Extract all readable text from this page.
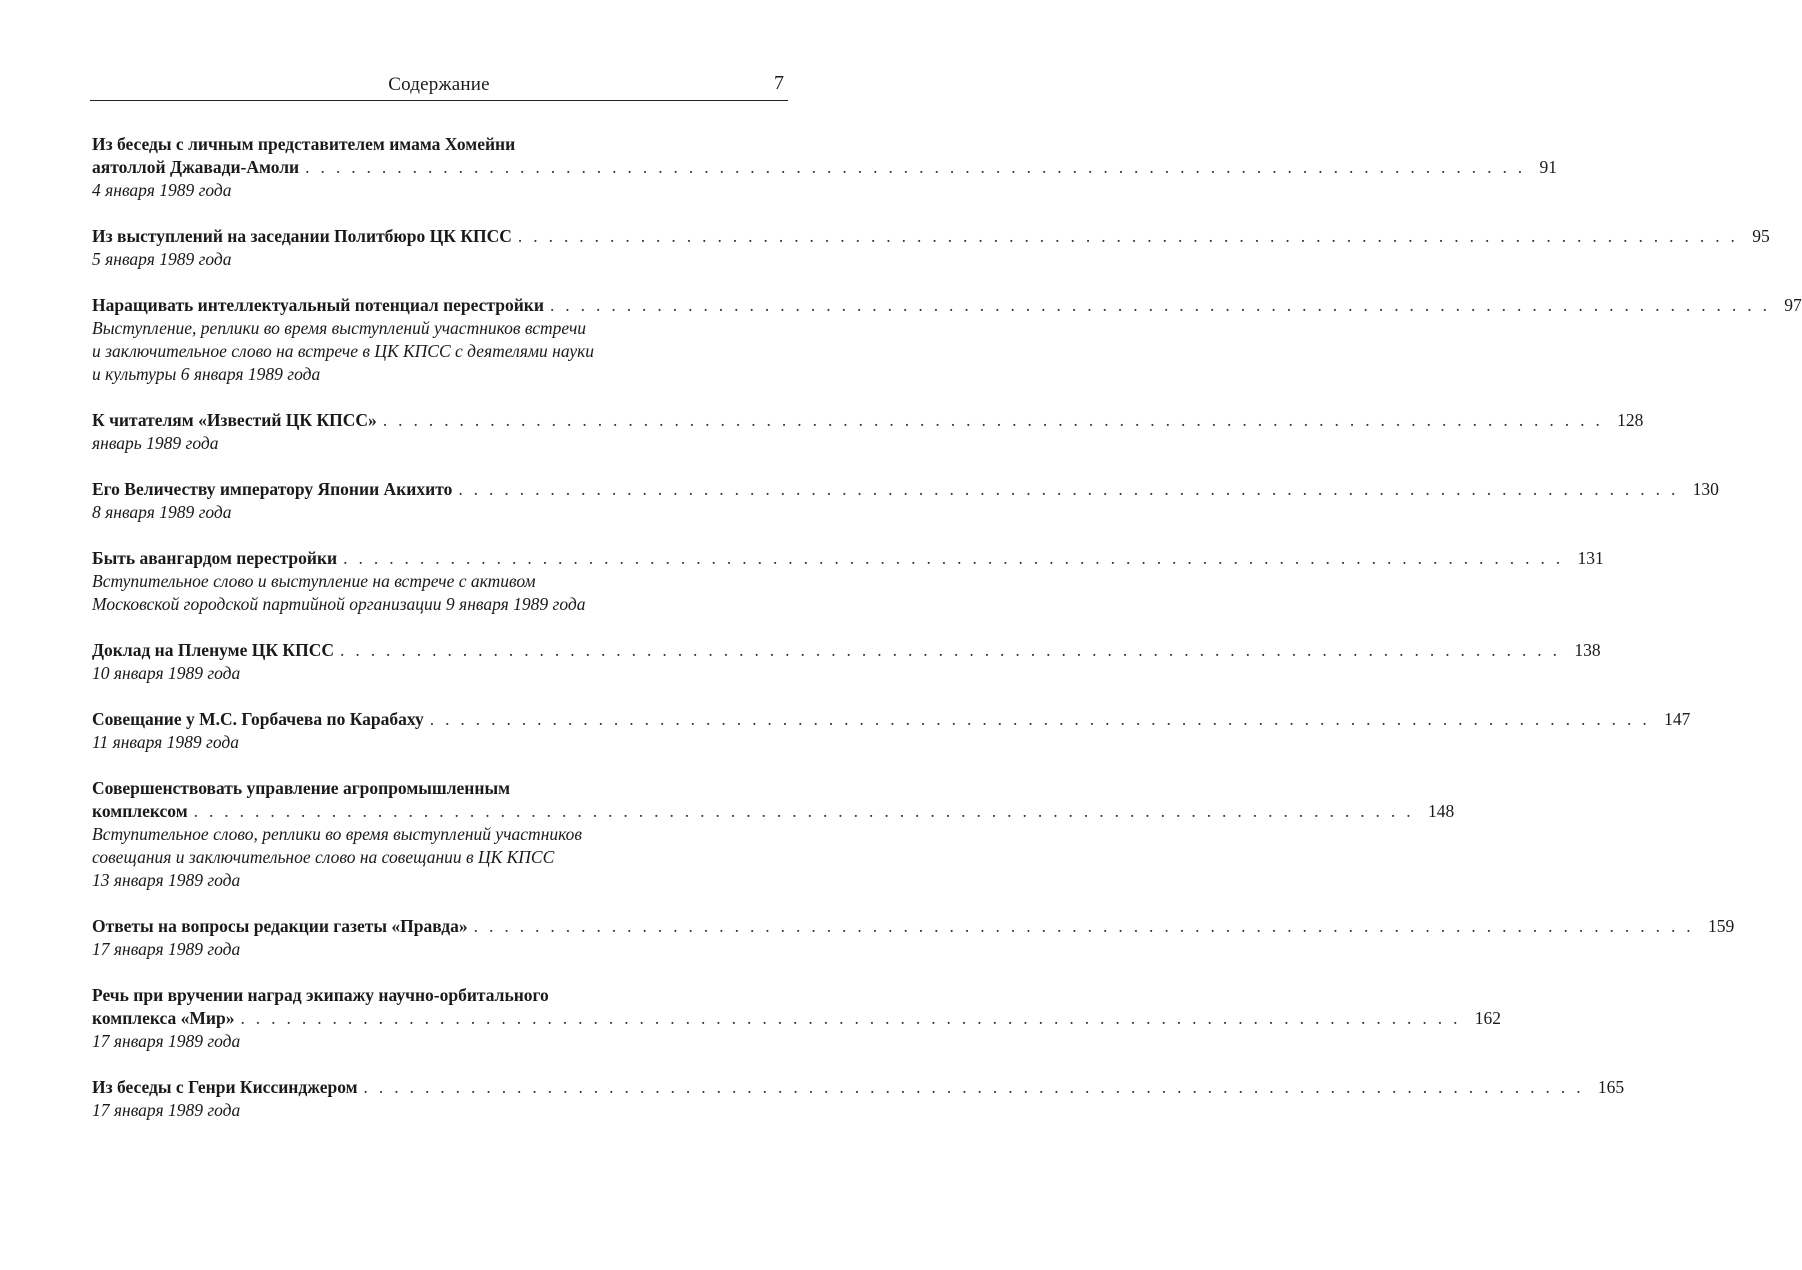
Содержание	7
Из беседы с личным представителем имама Хомейни
аятоллой Джавади-Амоли . . . . . . . . . . . . . . . . . . . . . . . . . . . . . . . . . . . . . . . . . . . . . . . . . . . . . . . . . . . . . . . . . . . . . . . . . . . . . . . . 91
4 января 1989 года
Из выступлений на заседании Политбюро ЦК КПСС . . . . . . . . . . . . . . . . . . . . . . . . . . . . . . . . . . . . . . . . . . . . . . . . . . . . . . . . . . . . . . . . . . . . . . . . . . . . . . . . 95
5 января 1989 года
Наращивать интеллектуальный потенциал перестройки . . . . . . . . . . . . . . . . . . . . . . . . . . . . . . . . . . . . . . . . . . . . . . . . . . . . . . . . . . . . . . . . . . . . . . . . . . . . . . . . 97
Выступление, реплики во время выступлений участников встречи
и заключительное слово на встрече в ЦК КПСС с деятелями науки
и культуры 6 января 1989 года
К читателям «Известий ЦК КПСС» . . . . . . . . . . . . . . . . . . . . . . . . . . . . . . . . . . . . . . . . . . . . . . . . . . . . . . . . . . . . . . . . . . . . . . . . . . . . . . . . 128
январь 1989 года
Его Величеству императору Японии Акихито . . . . . . . . . . . . . . . . . . . . . . . . . . . . . . . . . . . . . . . . . . . . . . . . . . . . . . . . . . . . . . . . . . . . . . . . . . . . . . . . 130
8 января 1989 года
Быть авангардом перестройки . . . . . . . . . . . . . . . . . . . . . . . . . . . . . . . . . . . . . . . . . . . . . . . . . . . . . . . . . . . . . . . . . . . . . . . . . . . . . . . . 131
Вступительное слово и выступление на встрече с активом
Московской городской партийной организации 9 января 1989 года
Доклад на Пленуме ЦК КПСС . . . . . . . . . . . . . . . . . . . . . . . . . . . . . . . . . . . . . . . . . . . . . . . . . . . . . . . . . . . . . . . . . . . . . . . . . . . . . . . . 138
10 января 1989 года
Совещание у М.С. Горбачева по Карабаху . . . . . . . . . . . . . . . . . . . . . . . . . . . . . . . . . . . . . . . . . . . . . . . . . . . . . . . . . . . . . . . . . . . . . . . . . . . . . . . . 147
11 января 1989 года
Совершенствовать управление агропромышленным
комплексом . . . . . . . . . . . . . . . . . . . . . . . . . . . . . . . . . . . . . . . . . . . . . . . . . . . . . . . . . . . . . . . . . . . . . . . . . . . . . . . . 148
Вступительное слово, реплики во время выступлений участников
совещания и заключительное слово на совещании в ЦК КПСС
13 января 1989 года
Ответы на вопросы редакции газеты «Правда» . . . . . . . . . . . . . . . . . . . . . . . . . . . . . . . . . . . . . . . . . . . . . . . . . . . . . . . . . . . . . . . . . . . . . . . . . . . . . . . . 159
17 января 1989 года
Речь при вручении наград экипажу научно-орбитального
комплекса «Мир» . . . . . . . . . . . . . . . . . . . . . . . . . . . . . . . . . . . . . . . . . . . . . . . . . . . . . . . . . . . . . . . . . . . . . . . . . . . . . . . . 162
17 января 1989 года
Из беседы с Генри Киссинджером . . . . . . . . . . . . . . . . . . . . . . . . . . . . . . . . . . . . . . . . . . . . . . . . . . . . . . . . . . . . . . . . . . . . . . . . . . . . . . . . 165
17 января 1989 года
